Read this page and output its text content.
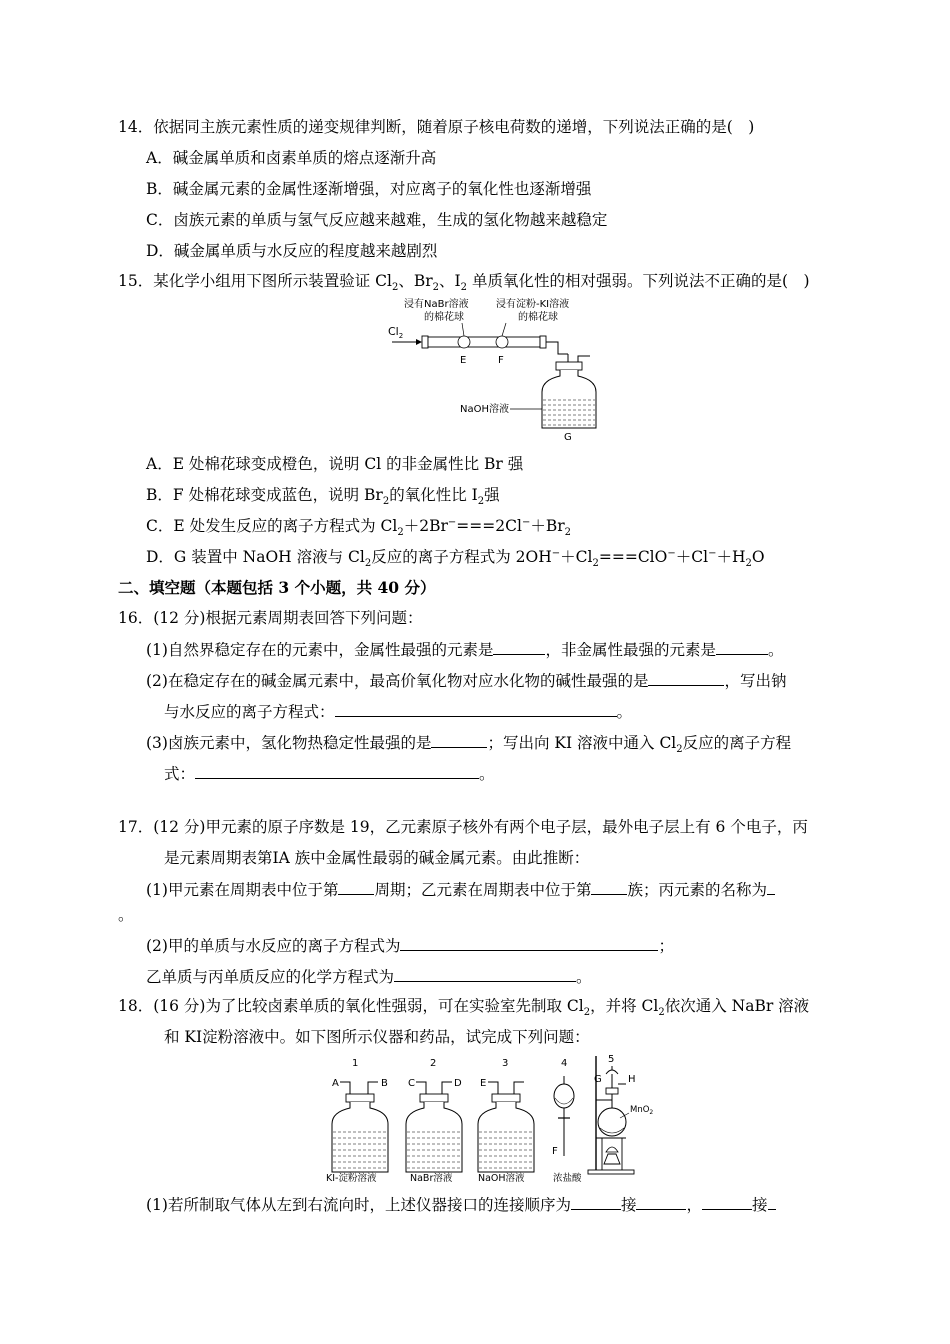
14．依据同主族元素性质的递变规律判断，随着原子核电荷数的递增，下列说法正确的是(　)
A．碱金属单质和卤素单质的熔点逐渐升高
B．碱金属元素的金属性逐渐增强，对应离子的氧化性也逐渐增强
C．卤族元素的单质与氢气反应越来越难，生成的氢化物越来越稳定
D．碱金属单质与水反应的程度越来越剧烈
15．某化学小组用下图所示装置验证 $Cl_2$、$Br_2$、$I_2$ 单质氧化性的相对强弱。下列说法不正确的是(　)
浸有NaBr溶液
的棉花球
浸有淀粉-KI溶液
的棉花球
$Cl_2$
E	F
NaOH溶液
G
A．E 处棉花球变成橙色，说明 Cl 的非金属性比 Br 强
B．F 处棉花球变成蓝色，说明 $Br_2$的氧化性比 $I_2$强
C．E 处发生反应的离子方程式为 $Cl_2+2Br^-===2Cl^-+Br_2$
D．G 装置中 NaOH 溶液与 $Cl_2$反应的离子方程式为 $2OH^-+Cl_2===ClO^-+Cl^-+H_2O$
二、填空题（本题包括 3 个小题，共 40 分）
16．(12 分)根据元素周期表回答下列问题：
(1)自然界稳定存在的元素中，金属性最强的元素是	，非金属性最强的元素是	。
(2)在稳定存在的碱金属元素中，最高价氧化物对应水化物的碱性最强的是	，写出钠
与水反应的离子方程式：	。
(3)卤族元素中，氢化物热稳定性最强的是	；写出向 KI 溶液中通入 $Cl_2$反应的离子方程
式：	。
17．(12 分)甲元素的原子序数是 19，乙元素原子核外有两个电子层，最外电子层上有 6 个电子，丙
是元素周期表第ⅠA 族中金属性最弱的碱金属元素。由此推断：
(1)甲元素在周期表中位于第 周期；乙元素在周期表中位于第 族；丙元素的名称为
。
(2)甲的单质与水反应的离子方程式为	；
乙单质与丙单质反应的化学方程式为	。
18．(16 分)为了比较卤素单质的氧化性强弱，可在实验室先制取 $Cl_2$，并将 $Cl_2$依次通入 NaBr 溶液
和 KI淀粉溶液中。如下图所示仪器和药品，试完成下列问题：
1
A	B
KI-淀粉溶液
2
C	D
NaBr溶液
3
E
NaOH溶液
4
F
浓盐酸
5
G	H
MnO$_2$
(1)若所制取气体从左到右流向时，上述仪器接口的连接顺序为	接	，	接
